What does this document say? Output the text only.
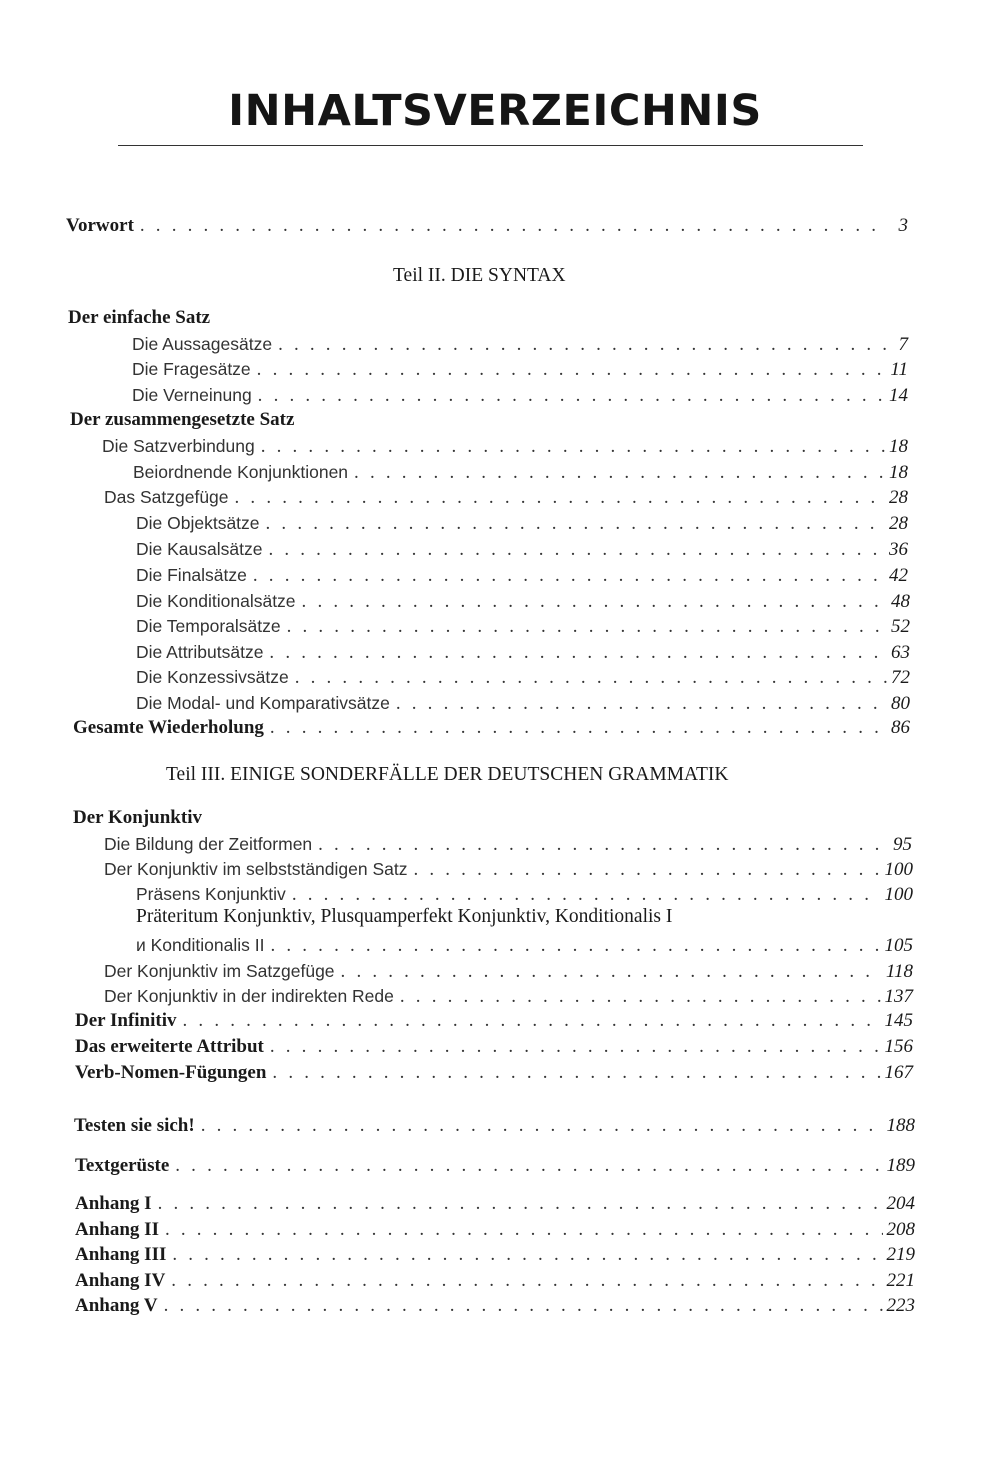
INHALTSVERZEICHNIS
Vorwort . . .	3
Teil II. DIE SYNTAX
Der einfache Satz
Die Aussagesätze . . .	7
Die Fragesätze . . .	11
Die Verneinung . . .	14
Der zusammengesetzte Satz
Die Satzverbindung . . .	18
Beiordnende Konjunktionen . . .	18
Das Satzgefüge . . .	28
Die Objektsätze . . .	28
Die Kausalsätze . . .	36
Die Finalsätze . . .	42
Die Konditionalsätze . . .	48
Die Temporalsätze . . .	52
Die Attributsätze . . .	63
Die Konzessivsätze . . .	72
Die Modal- und Komparativsätze . . .	80
Gesamte Wiederholung . . .	86
Teil III. EINIGE SONDERFÄLLE DER DEUTSCHEN GRAMMATIK
Der Konjunktiv
Die Bildung der Zeitformen . . .	95
Der Konjunktiv im selbstständigen Satz . . .	100
Präsens Konjunktiv . . .	100
Präteritum Konjunktiv, Plusquamperfekt Konjunktiv, Konditionalis I
и Konditionalis II . . .	105
Der Konjunktiv im Satzgefüge . . .	118
Der Konjunktiv in der indirekten Rede . . .	137
Der Infinitiv . . .	145
Das erweiterte Attribut . . .	156
Verb-Nomen-Fügungen . . .	167
Testen sie sich! . . .	188
Textgerüste . . .	189
Anhang I . . .	204
Anhang II . . .	208
Anhang III . . .	219
Anhang IV . . .	221
Anhang V . . .	223
